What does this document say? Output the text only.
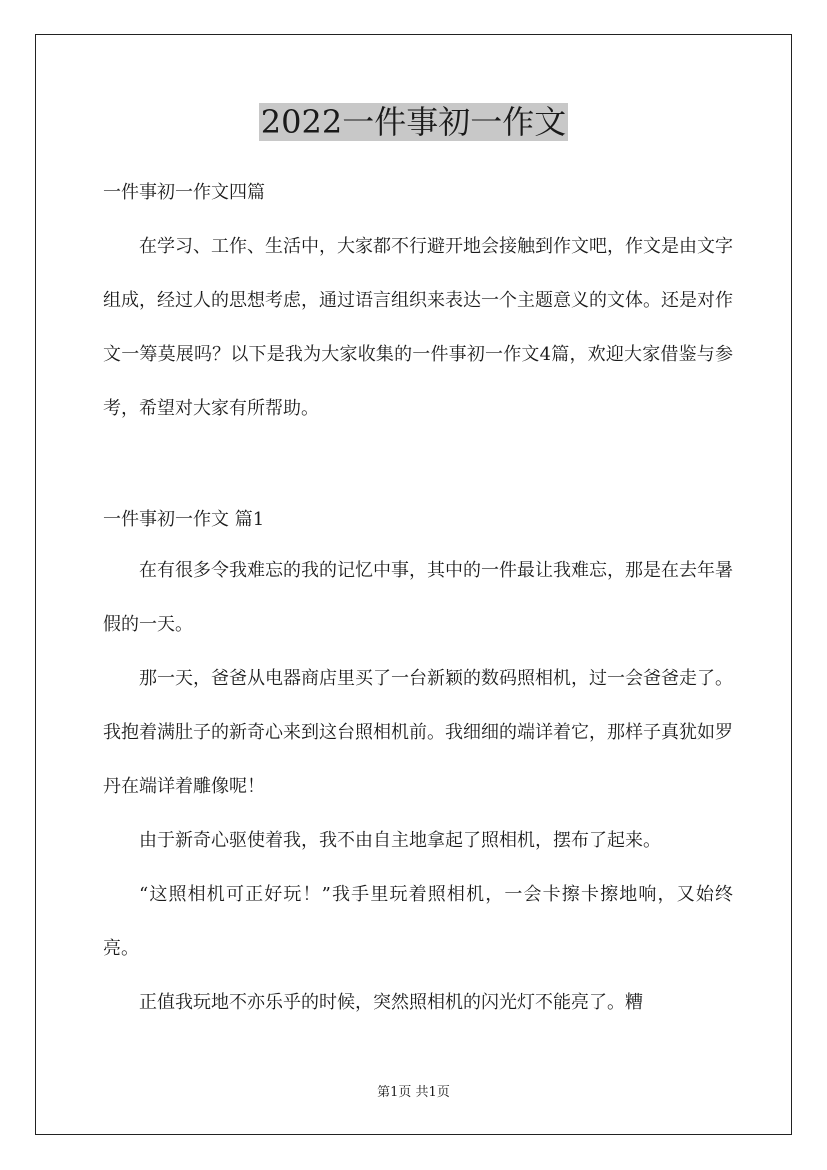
2022一件事初一作文
一件事初一作文四篇

在学习、工作、生活中，大家都不行避开地会接触到作文吧，作文是由文字组成，经过人的思想考虑，通过语言组织来表达一个主题意义的文体。还是对作文一筹莫展吗？以下是我为大家收集的一件事初一作文4篇，欢迎大家借鉴与参考，希望对大家有所帮助。

一件事初一作文 篇1

在有很多令我难忘的我的记忆中事，其中的一件最让我难忘，那是在去年暑假的一天。

那一天，爸爸从电器商店里买了一台新颖的数码照相机，过一会爸爸走了。我抱着满肚子的新奇心来到这台照相机前。我细细的端详着它，那样子真犹如罗丹在端详着雕像呢！

由于新奇心驱使着我，我不由自主地拿起了照相机，摆布了起来。

“这照相机可正好玩！”我手里玩着照相机，一会卡擦卡擦地响，又始终亮。

正值我玩地不亦乐乎的时候，突然照相机的闪光灯不能亮了。糟

第1页 共1页
